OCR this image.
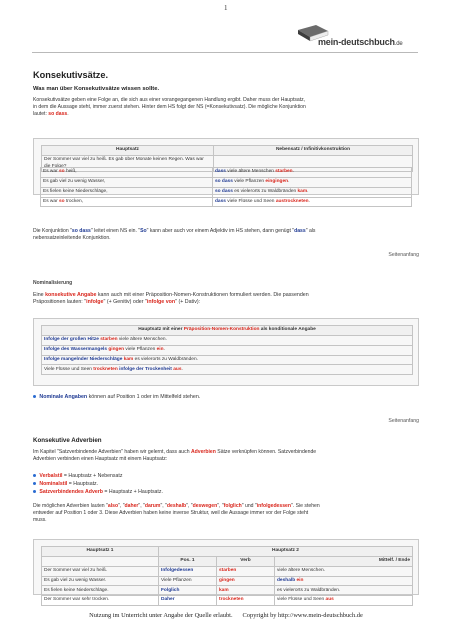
1
mein-deutschbuch.de
Konsekutivsätze.
Was man über Konsekutivsätze wissen sollte.
Konsekutivsätze geben eine Folge an, die sich aus einer vorangegangenen Handlung ergibt. Daher muss der Hauptsatz,
in dem die Aussage steht, immer zuerst stehen. Hinter dem HS folgt der NS (=Konsekutivsatz). Die mögliche Konjunktion
lautet: so dass.
Hauptsatz	Nebensatz / Infinitivkonstruktion
Der Sommer war viel zu heiß. Es gab über Monate keinen Regen. Was war die Folge?	
Es war so heiß,	dass viele ältere Menschen starben.
Es gab viel zu wenig Wasser,	so dass viele Pflanzen eingingen.
Es fielen keine Niederschläge,	so dass es vielerorts zu Waldbränden kam.
Es war so trocken,	dass viele Flüsse und Seen austrockneten.
Die Konjunktion "so dass" leitet einen NS ein. "So" kann aber auch vor einem Adjektiv im HS stehen, dann genügt "dass" als
nebensatzeinleitende Konjunktion.
Seitenanfang
Nominalisierung
Eine konsekutive Angabe kann auch mit einer Präposition-Nomen-Konstruktionen formuliert werden. Die passenden
Präpositionen lauten: "infolge" (+ Genitiv) oder "infolge von" (+ Dativ):
Hauptsatz mit einer Präposition-Nomen-Konstruktion als konditionale Angabe
Infolge der großen Hitze starben viele ältere Menschen.
Infolge des Wassermangels gingen viele Pflanzen ein.
Infolge mangelnder Niederschläge kam es vielerorts zu Waldbränden.
Viele Flüsse und Seen trockneten infolge der Trockenheit aus.
Nominale Angaben können auf Position 1 oder im Mittelfeld stehen.
Seitenanfang
Konsekutive Adverbien
Im Kapitel "Satzverbindende Adverbien" haben wir gelernt, dass auch Adverbien Sätze verknüpfen können. Satzverbindende
Adverbien verbinden einen Hauptsatz mit einem Hauptsatz:
Verbalstil = Hauptsatz + Nebensatz
Nominalstil = Hauptsatz.
Satzverbindendes Adverb = Hauptsatz + Hauptsatz.
Die möglichen Adverbien lauten "also", "daher", "darum", "deshalb", "deswegen", "folglich" und "infolgedessen". Sie stehen
entweder auf Position 1 oder 3. Diese Adverbien haben keine inverse Struktur, weil die Aussage immer vor der Folge steht
muss.
Hauptsatz 1	Hauptsatz 2		
	Pos. 1	Verb	Mittelf. / Ende
Der Sommer war viel zu heiß.	Infolgedessen	starben	viele ältere Menschen.
Es gab viel zu wenig Wasser.	Viele Pflanzen	gingen	deshalb ein
Es fielen keine Niederschläge.	Folglich	kam	es vielerorts zu Waldbränden.
Der Sommer war sehr trocken.	Daher	trockneten	viele Flüsse und Seen aus
Nutzung im Unterricht unter Angabe der Quelle erlaubt. Copyright by http://www.mein-deutschbuch.de
